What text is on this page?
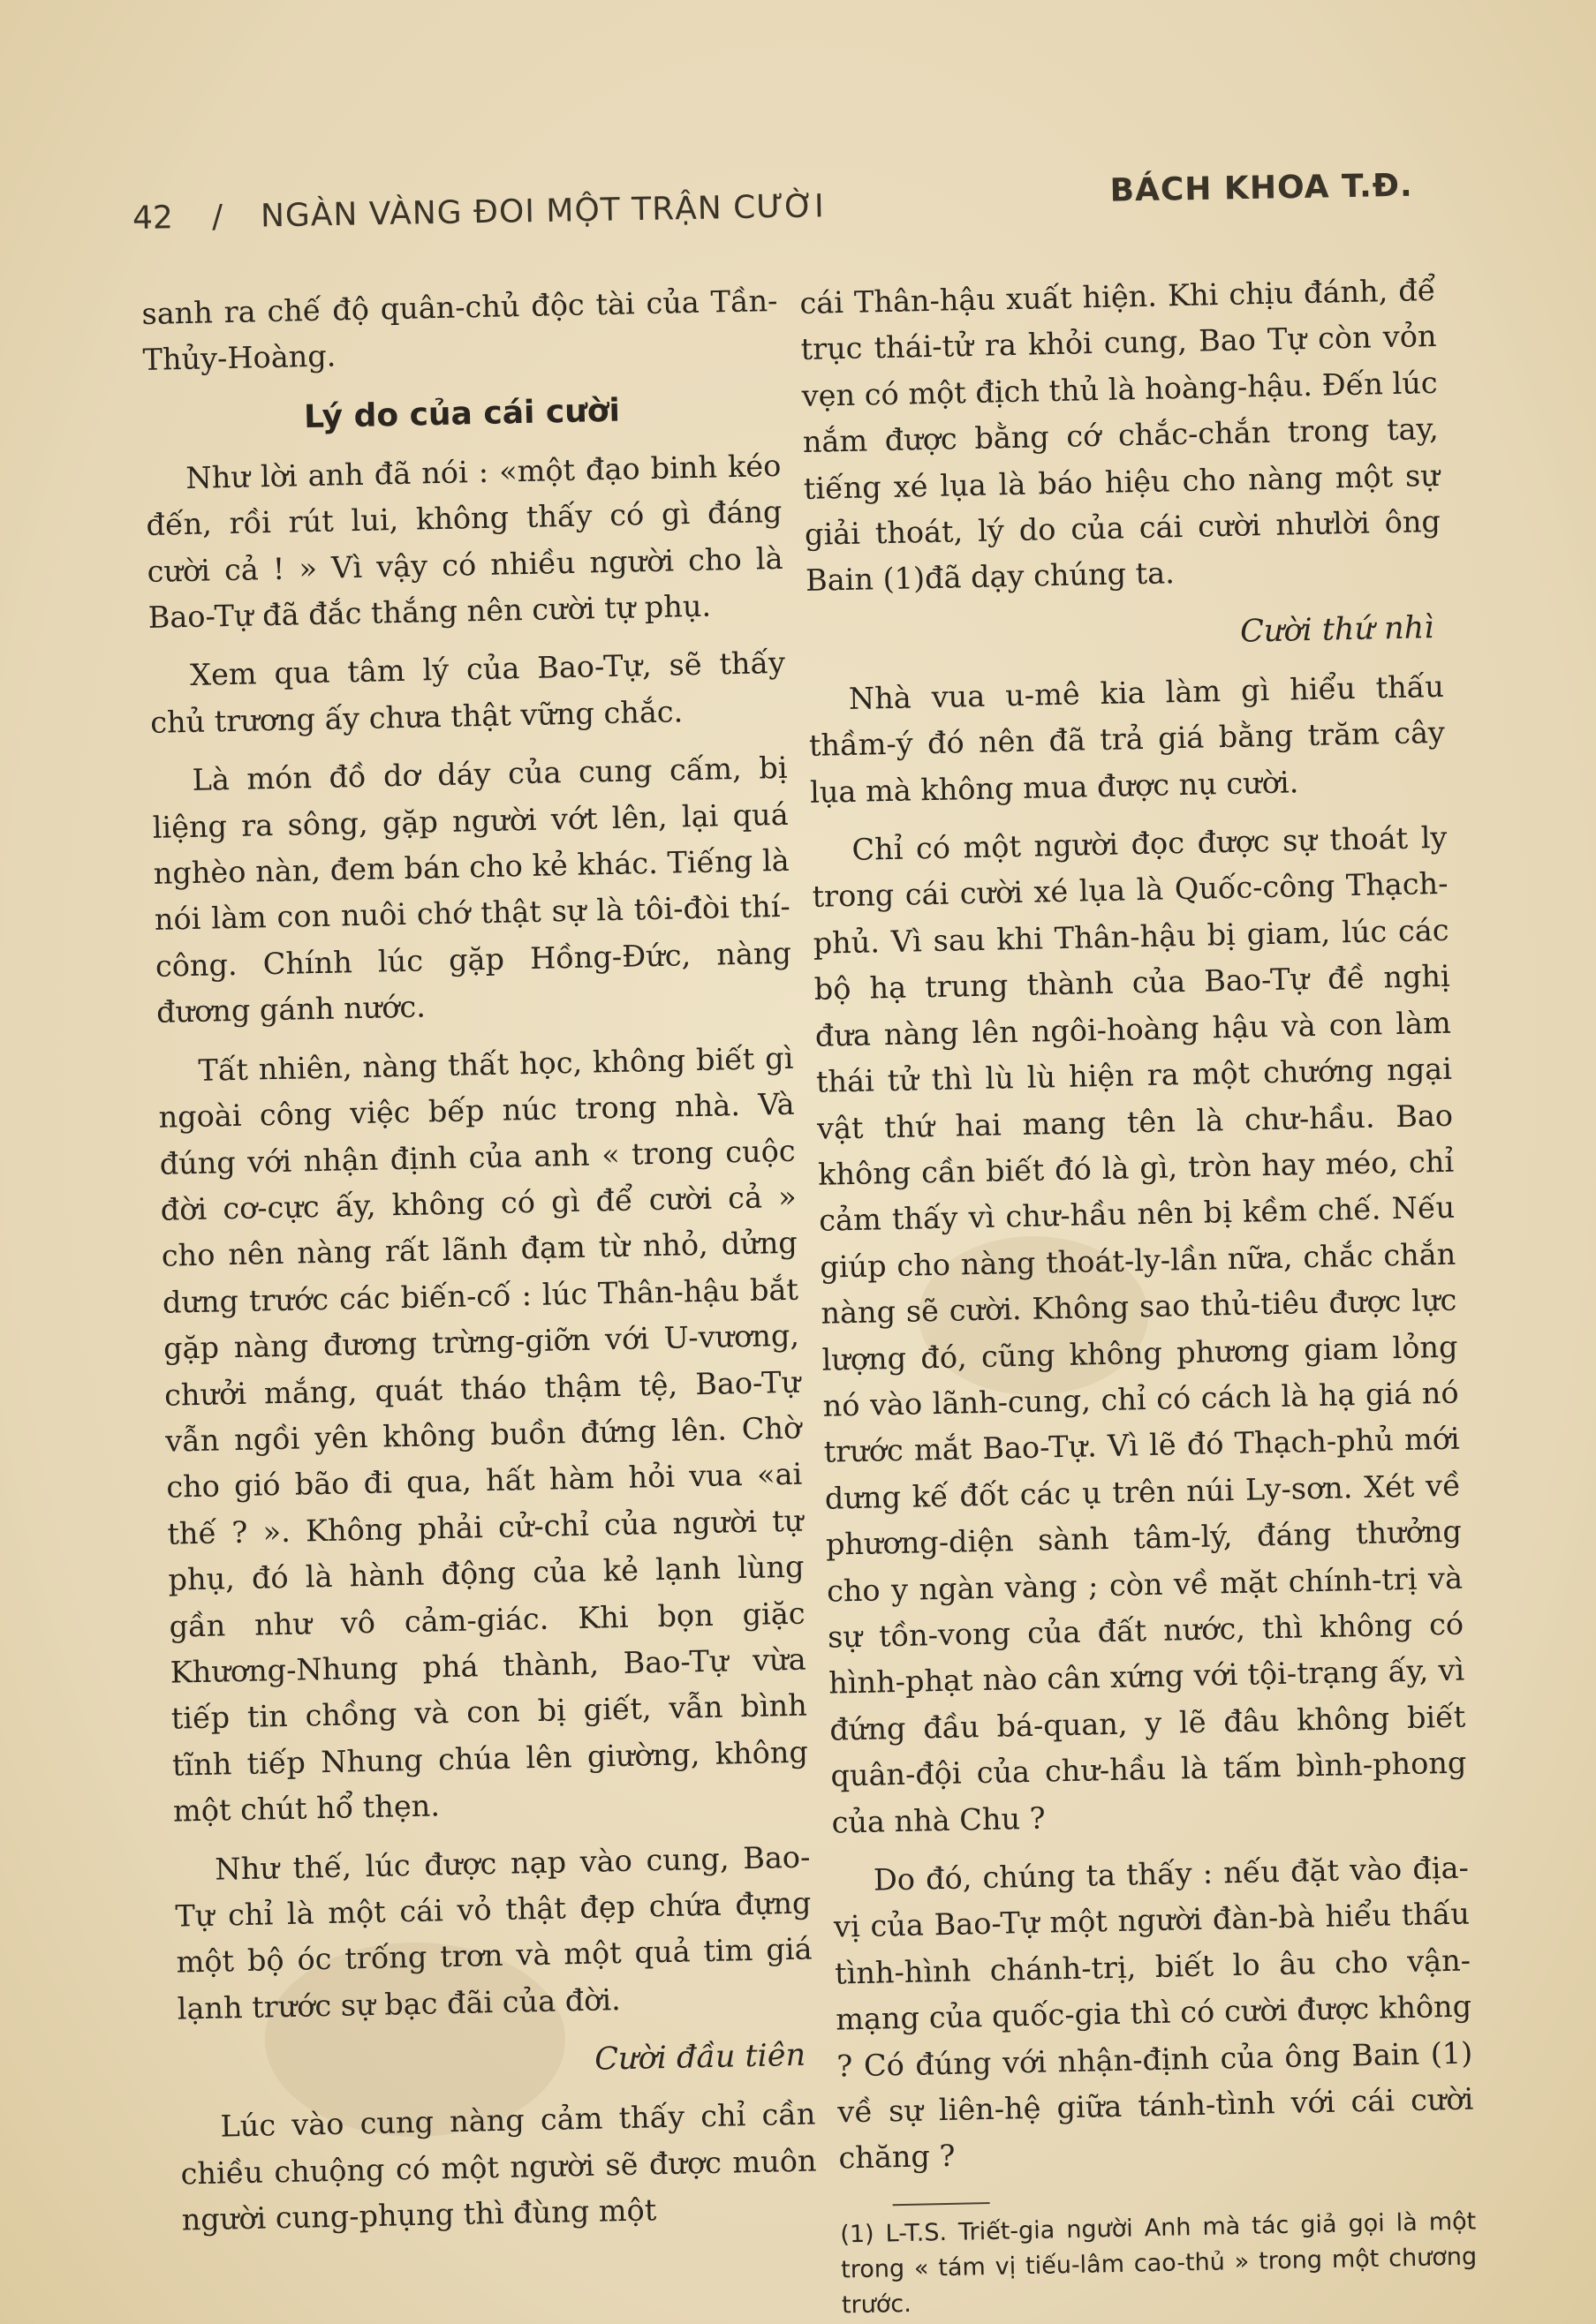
42 / NGÀN VÀNG ĐOI MỘT TRẬN CƯỜI
BÁCH KHOA T.Đ.

sanh ra chế độ quân-chủ độc tài của Tần-Thủy-Hoàng.

Lý do của cái cười

Như lời anh đã nói : «một đạo binh kéo đến, rồi rút lui, không thấy có gì đáng cười cả ! » Vì vậy có nhiều người cho là Bao-Tự đã đắc thắng nên cười tự phụ.

Xem qua tâm lý của Bao-Tự, sẽ thấy chủ trương ấy chưa thật vững chắc.

Là món đồ dơ dáy của cung cấm, bị liệng ra sông, gặp người vớt lên, lại quá nghèo nàn, đem bán cho kẻ khác. Tiếng là nói làm con nuôi chớ thật sự là tôi-đòi thí-công. Chính lúc gặp Hồng-Đức, nàng đương gánh nước.

Tất nhiên, nàng thất học, không biết gì ngoài công việc bếp núc trong nhà. Và đúng với nhận định của anh « trong cuộc đời cơ-cực ấy, không có gì để cười cả » cho nên nàng rất lãnh đạm từ nhỏ, dửng dưng trước các biến-cố : lúc Thân-hậu bắt gặp nàng đương trừng-giỡn với U-vương, chưởi mắng, quát tháo thậm tệ, Bao-Tự vẫn ngồi yên không buồn đứng lên. Chờ cho gió bão đi qua, hất hàm hỏi vua «ai thế ? ». Không phải cử-chỉ của người tự phụ, đó là hành động của kẻ lạnh lùng gần như vô cảm-giác. Khi bọn giặc Khương-Nhung phá thành, Bao-Tự vừa tiếp tin chồng và con bị giết, vẫn bình tĩnh tiếp Nhung chúa lên giường, không một chút hổ thẹn.

Như thế, lúc được nạp vào cung, Bao-Tự chỉ là một cái vỏ thật đẹp chứa đựng một bộ óc trống trơn và một quả tim giá lạnh trước sự bạc đãi của đời.

Cười đầu tiên

Lúc vào cung nàng cảm thấy chỉ cần chiều chuộng có một người sẽ được muôn người cung-phụng thì đùng một

cái Thân-hậu xuất hiện. Khi chịu đánh, để trục thái-tử ra khỏi cung, Bao Tự còn vỏn vẹn có một địch thủ là hoàng-hậu. Đến lúc nắm được bằng cớ chắc-chắn trong tay, tiếng xé lụa là báo hiệu cho nàng một sự giải thoát, lý do của cái cười nhưlời ông Bain (1)đã dạy chúng ta.

Cười thứ nhì

Nhà vua u-mê kia làm gì hiểu thấu thầm-ý đó nên đã trả giá bằng trăm cây lụa mà không mua được nụ cười.

Chỉ có một người đọc được sự thoát ly trong cái cười xé lụa là Quốc-công Thạch-phủ. Vì sau khi Thân-hậu bị giam, lúc các bộ hạ trung thành của Bao-Tự đề nghị đưa nàng lên ngôi-hoàng hậu và con làm thái tử thì lù lù hiện ra một chướng ngại vật thứ hai mang tên là chư-hầu. Bao không cần biết đó là gì, tròn hay méo, chỉ cảm thấy vì chư-hầu nên bị kềm chế. Nếu giúp cho nàng thoát-ly-lần nữa, chắc chắn nàng sẽ cười. Không sao thủ-tiêu được lực lượng đó, cũng không phương giam lỏng nó vào lãnh-cung, chỉ có cách là hạ giá nó trước mắt Bao-Tự. Vì lẽ đó Thạch-phủ mới dưng kế đốt các ụ trên núi Ly-sơn. Xét về phương-diện sành tâm-lý, đáng thưởng cho y ngàn vàng ; còn về mặt chính-trị và sự tồn-vong của đất nước, thì không có hình-phạt nào cân xứng với tội-trạng ấy, vì đứng đầu bá-quan, y lẽ đâu không biết quân-đội của chư-hầu là tấm bình-phong của nhà Chu ?

Do đó, chúng ta thấy : nếu đặt vào địa-vị của Bao-Tự một người đàn-bà hiểu thấu tình-hình chánh-trị, biết lo âu cho vận-mạng của quốc-gia thì có cười được không ? Có đúng với nhận-định của ông Bain (1) về sự liên-hệ giữa tánh-tình với cái cười chăng ?

(1) L-T.S. Triết-gia người Anh mà tác giả gọi là một trong « tám vị tiếu-lâm cao-thủ » trong một chương trước.
